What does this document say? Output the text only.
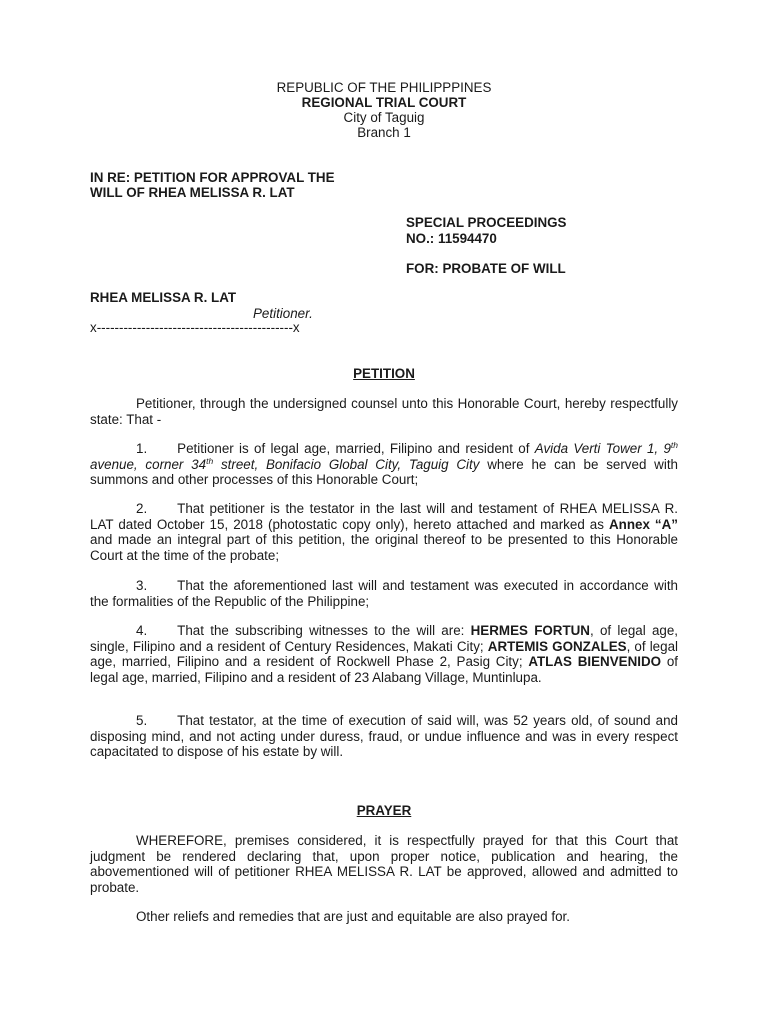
REPUBLIC OF THE PHILIPPPINES
REGIONAL TRIAL COURT
City of Taguig
Branch 1
IN RE: PETITION FOR APPROVAL THE
WILL OF RHEA MELISSA R. LAT
SPECIAL PROCEEDINGS
NO.: 11594470
FOR: PROBATE OF WILL
RHEA MELISSA R. LAT
Petitioner.
x--------------------------------------------x
PETITION
Petitioner, through the undersigned counsel unto this Honorable Court, hereby respectfully state: That -
1. Petitioner is of legal age, married, Filipino and resident of Avida Verti Tower 1, 9th avenue, corner 34th street, Bonifacio Global City, Taguig City where he can be served with summons and other processes of this Honorable Court;
2. That petitioner is the testator in the last will and testament of RHEA MELISSA R. LAT dated October 15, 2018 (photostatic copy only), hereto attached and marked as Annex “A” and made an integral part of this petition, the original thereof to be presented to this Honorable Court at the time of the probate;
3. That the aforementioned last will and testament was executed in accordance with the formalities of the Republic of the Philippine;
4. That the subscribing witnesses to the will are: HERMES FORTUN, of legal age, single, Filipino and a resident of Century Residences, Makati City; ARTEMIS GONZALES, of legal age, married, Filipino and a resident of Rockwell Phase 2, Pasig City; ATLAS BIENVENIDO of legal age, married, Filipino and a resident of 23 Alabang Village, Muntinlupa.
5. That testator, at the time of execution of said will, was 52 years old, of sound and disposing mind, and not acting under duress, fraud, or undue influence and was in every respect capacitated to dispose of his estate by will.
PRAYER
WHEREFORE, premises considered, it is respectfully prayed for that this Court that judgment be rendered declaring that, upon proper notice, publication and hearing, the abovementioned will of petitioner RHEA MELISSA R. LAT be approved, allowed and admitted to probate.
Other reliefs and remedies that are just and equitable are also prayed for.
